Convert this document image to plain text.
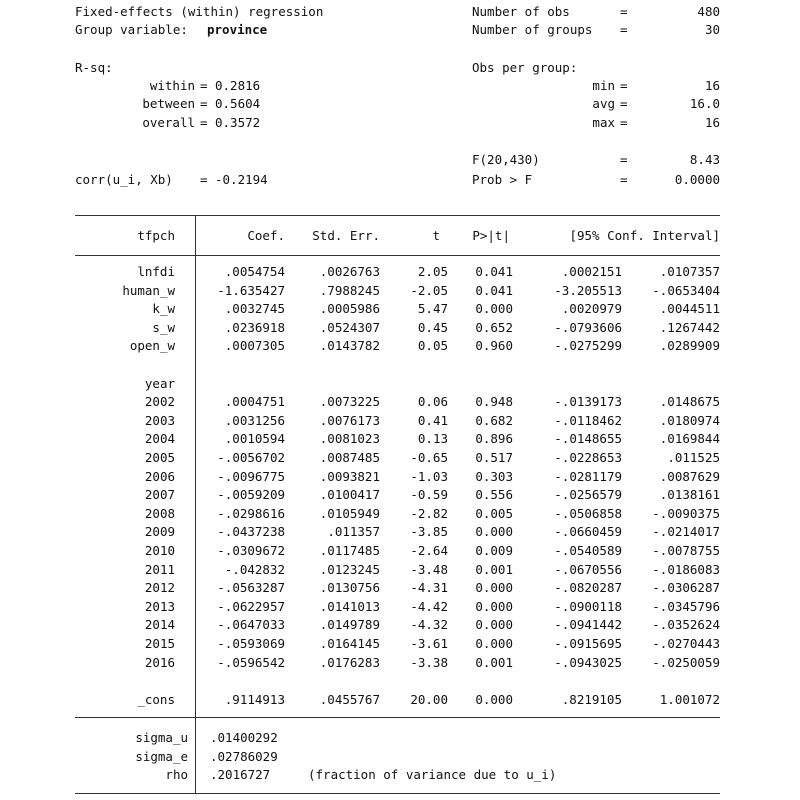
Fixed-effects (within) regression
Group variable: province
Number of obs	=	480
Number of groups =	30
R-sq:
within = 0.2816
between = 0.5604
overall = 0.3572
Obs per group:
min =	16
avg =	16.0
max =	16
F(20,430)	=	8.43
corr(u_i, Xb) = -0.2194	Prob > F	=	0.0000
tfpch	Coef.	Std. Err.	t	P>|t|	[95% Conf. Interval]
lnfdi	.0054754	.0026763	2.05	0.041	.0002151	.0107357
human_w	-1.635427	.7988245	-2.05	0.041	-3.205513	-.0653404
k_w	.0032745	.0005986	5.47	0.000	.0020979	.0044511
s_w	.0236918	.0524307	0.45	0.652	-.0793606	.1267442
open_w	.0007305	.0143782	0.05	0.960	-.0275299	.0289909
year
2002	.0004751	.0073225	0.06	0.948	-.0139173	.0148675
2003	.0031256	.0076173	0.41	0.682	-.0118462	.0180974
2004	.0010594	.0081023	0.13	0.896	-.0148655	.0169844
2005	-.0056702	.0087485	-0.65	0.517	-.0228653	.011525
2006	-.0096775	.0093821	-1.03	0.303	-.0281179	.0087629
2007	-.0059209	.0100417	-0.59	0.556	-.0256579	.0138161
2008	-.0298616	.0105949	-2.82	0.005	-.0506858	-.0090375
2009	-.0437238	.011357	-3.85	0.000	-.0660459	-.0214017
2010	-.0309672	.0117485	-2.64	0.009	-.0540589	-.0078755
2011	-.042832	.0123245	-3.48	0.001	-.0670556	-.0186083
2012	-.0563287	.0130756	-4.31	0.000	-.0820287	-.0306287
2013	-.0622957	.0141013	-4.42	0.000	-.0900118	-.0345796
2014	-.0647033	.0149789	-4.32	0.000	-.0941442	-.0352624
2015	-.0593069	.0164145	-3.61	0.000	-.0915695	-.0270443
2016	-.0596542	.0176283	-3.38	0.001	-.0943025	-.0250059
_cons	.9114913	.0455767	20.00	0.000	.8219105	1.001072
sigma_u .01400292
sigma_e .02786029
rho .2016727	(fraction of variance due to u_i)
